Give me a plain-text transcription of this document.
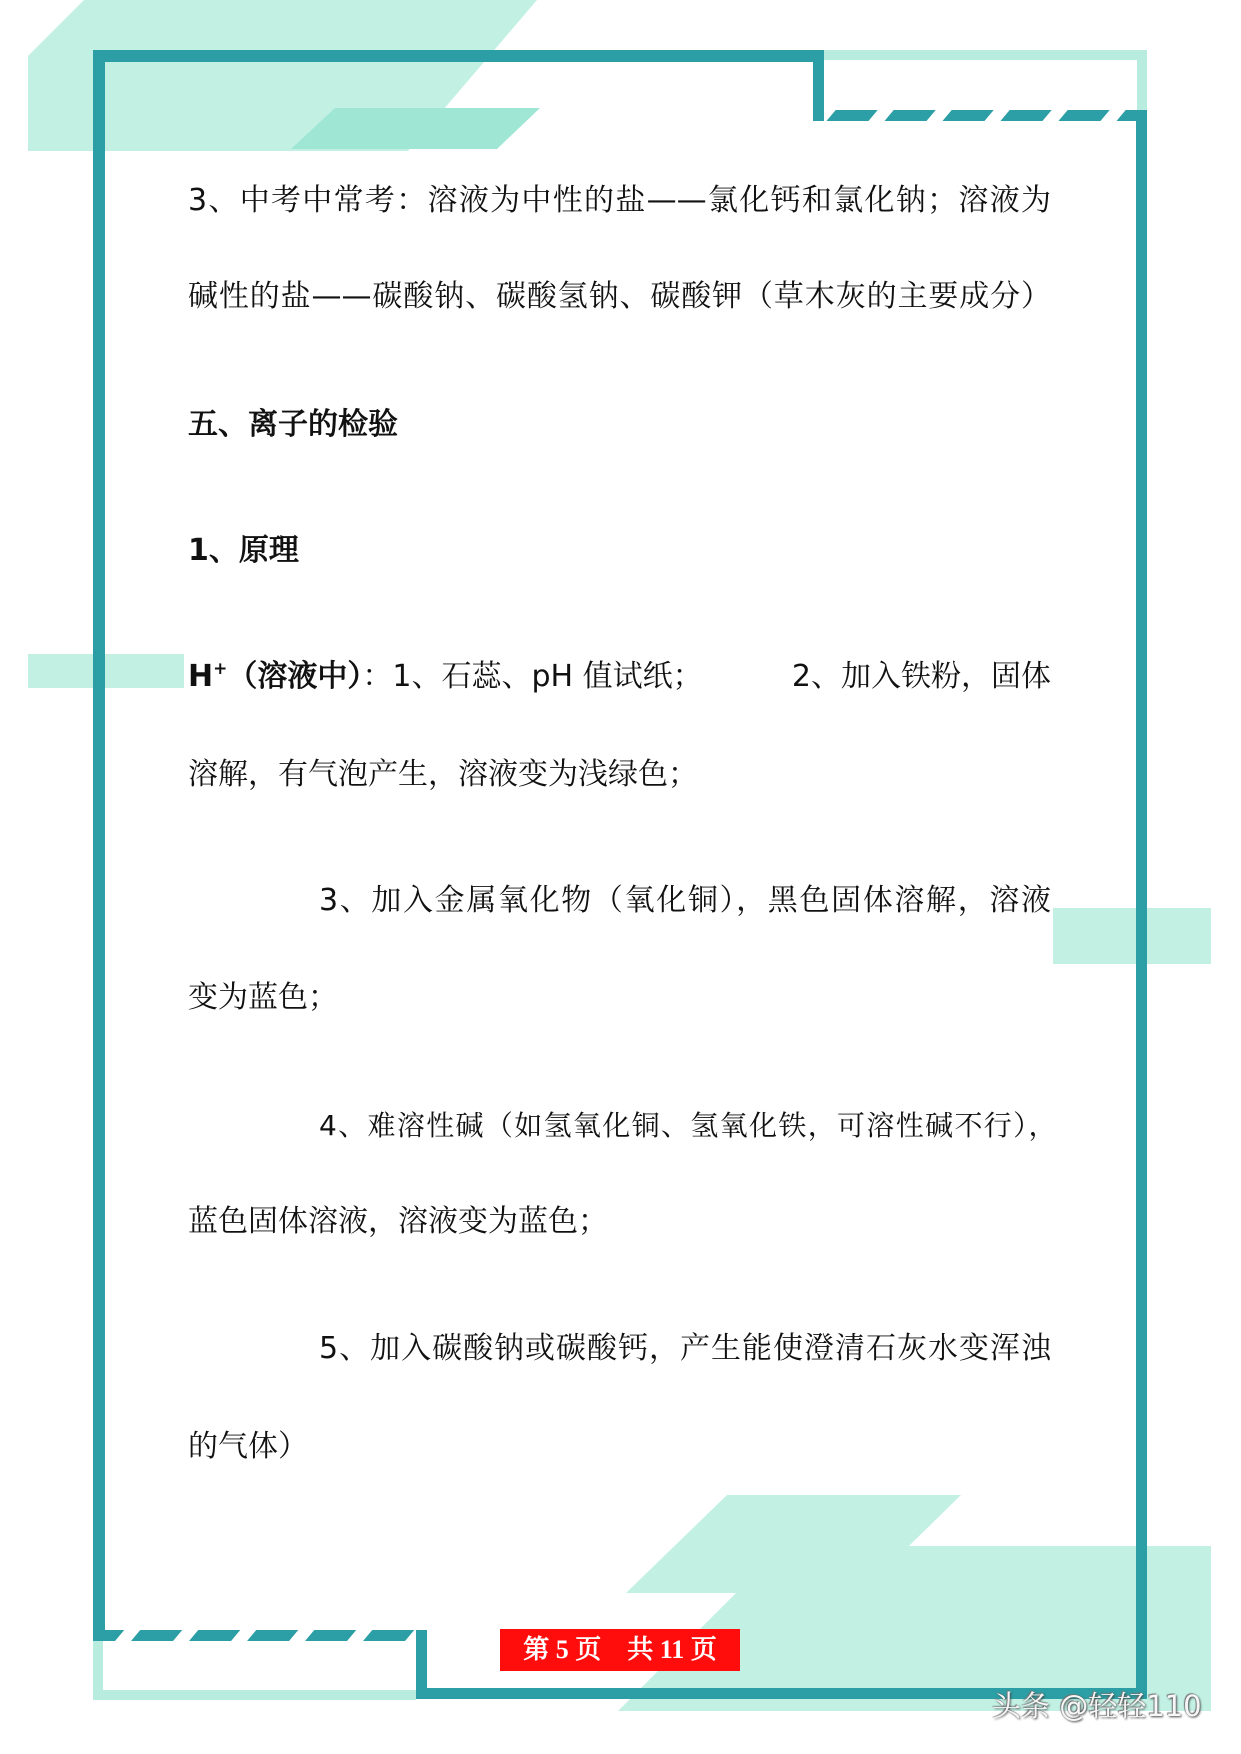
3、中考中常考：溶液为中性的盐——氯化钙和氯化钠；溶液为
碱性的盐——碳酸钠、碳酸氢钠、碳酸钾（草木灰的主要成分）
五、离子的检验
1、原理
H+（溶液中）：1、石蕊、pH 值试纸；	2、加入铁粉，固体
溶解，有气泡产生，溶液变为浅绿色；
3、加入金属氧化物（氧化铜），黑色固体溶解，溶液
变为蓝色；
4、难溶性碱（如氢氧化铜、氢氧化铁，可溶性碱不行），
蓝色固体溶液，溶液变为蓝色；
5、加入碳酸钠或碳酸钙，产生能使澄清石灰水变浑浊
的气体）
第 5 页 共 11 页
头条 @轻轻110
